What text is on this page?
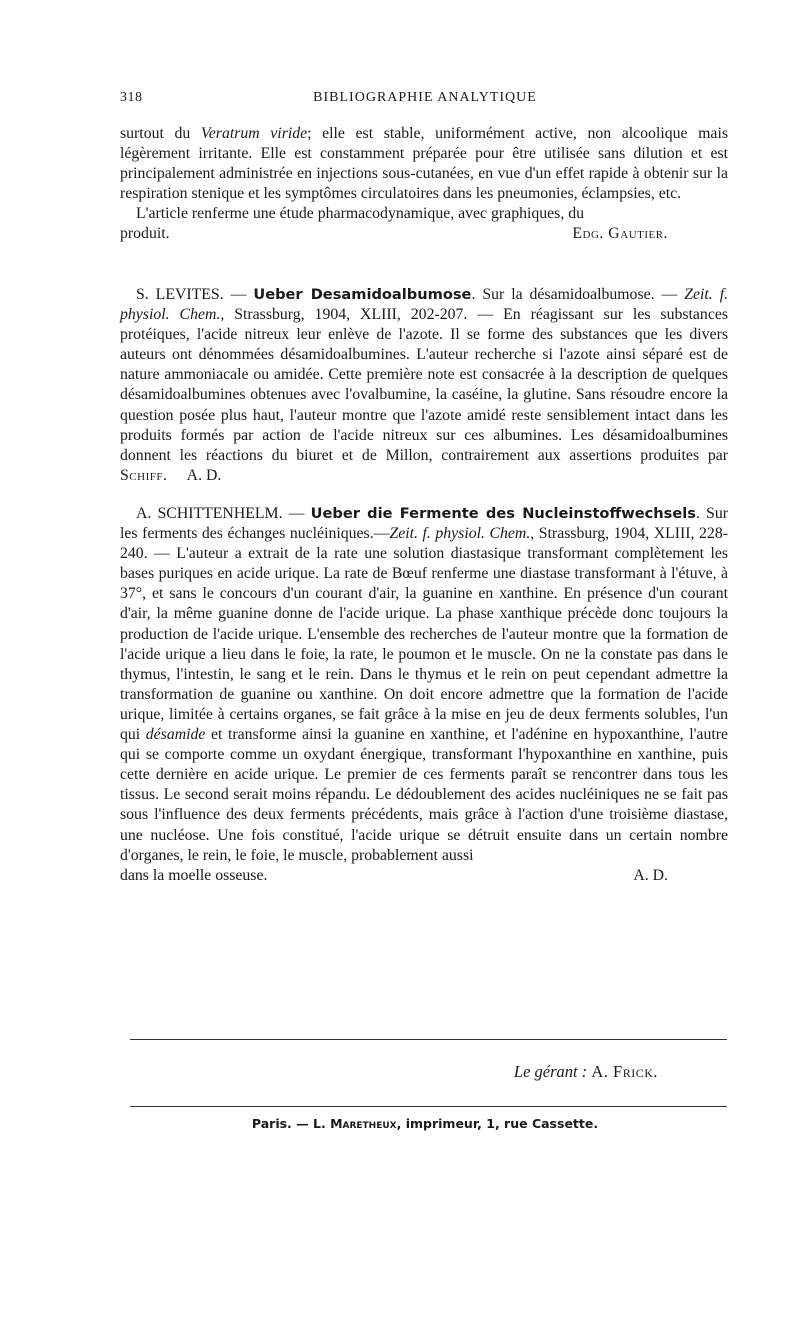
318	BIBLIOGRAPHIE ANALYTIQUE

surtout du Veratrum viride; elle est stable, uniformément active, non alcoolique mais légèrement irritante. Elle est constamment préparée pour être utilisée sans dilution et est principalement administrée en injections sous-cutanées, en vue d'un effet rapide à obtenir sur la respiration stenique et les symptômes circulatoires dans les pneumonies, éclampsies, etc.

L'article renferme une étude pharmacodynamique, avec graphiques, du

produit.	Edg. Gautier.

S. LEVITES. — Ueber Desamidoalbumose. Sur la désamidoalbumose. — Zeit. f. physiol. Chem., Strassburg, 1904, XLIII, 202-207. — En réagissant sur les substances protéiques, l'acide nitreux leur enlève de l'azote. Il se forme des substances que les divers auteurs ont dénommées désamidoalbumines. L'auteur recherche si l'azote ainsi séparé est de nature ammoniacale ou amidée. Cette première note est consacrée à la description de quelques désamidoalbumines obtenues avec l'ovalbumine, la caséine, la glutine. Sans résoudre encore la question posée plus haut, l'auteur montre que l'azote amidé reste sensiblement intact dans les produits formés par action de l'acide nitreux sur ces albumines. Les désamidoalbumines donnent les réactions du biuret et de Millon, contrairement aux assertions produites par Schiff. A. D.

A. SCHITTENHELM. — Ueber die Fermente des Nucleinstoffwechsels. Sur les ferments des échanges nucléiniques.—Zeit. f. physiol. Chem., Strassburg, 1904, XLIII, 228-240. — L'auteur a extrait de la rate une solution diastasique transformant complètement les bases puriques en acide urique. La rate de Bœuf renferme une diastase transformant à l'étuve, à 37°, et sans le concours d'un courant d'air, la guanine en xanthine. En présence d'un courant d'air, la même guanine donne de l'acide urique. La phase xanthique précède donc toujours la production de l'acide urique. L'ensemble des recherches de l'auteur montre que la formation de l'acide urique a lieu dans le foie, la rate, le poumon et le muscle. On ne la constate pas dans le thymus, l'intestin, le sang et le rein. Dans le thymus et le rein on peut cependant admettre la transformation de guanine ou xanthine. On doit encore admettre que la formation de l'acide urique, limitée à certains organes, se fait grâce à la mise en jeu de deux ferments solubles, l'un qui désamide et transforme ainsi la guanine en xanthine, et l'adénine en hypoxanthine, l'autre qui se comporte comme un oxydant énergique, transformant l'hypoxanthine en xanthine, puis cette dernière en acide urique. Le premier de ces ferments paraît se rencontrer dans tous les tissus. Le second serait moins répandu. Le dédoublement des acides nucléiniques ne se fait pas sous l'influence des deux ferments précédents, mais grâce à l'action d'une troisième diastase, une nucléose. Une fois constitué, l'acide urique se détruit ensuite dans un certain nombre d'organes, le rein, le foie, le muscle, probablement aussi

dans la moelle osseuse.	A. D.
Le gérant : A. Frick.
Paris. — L. Maretheux, imprimeur, 1, rue Cassette.
